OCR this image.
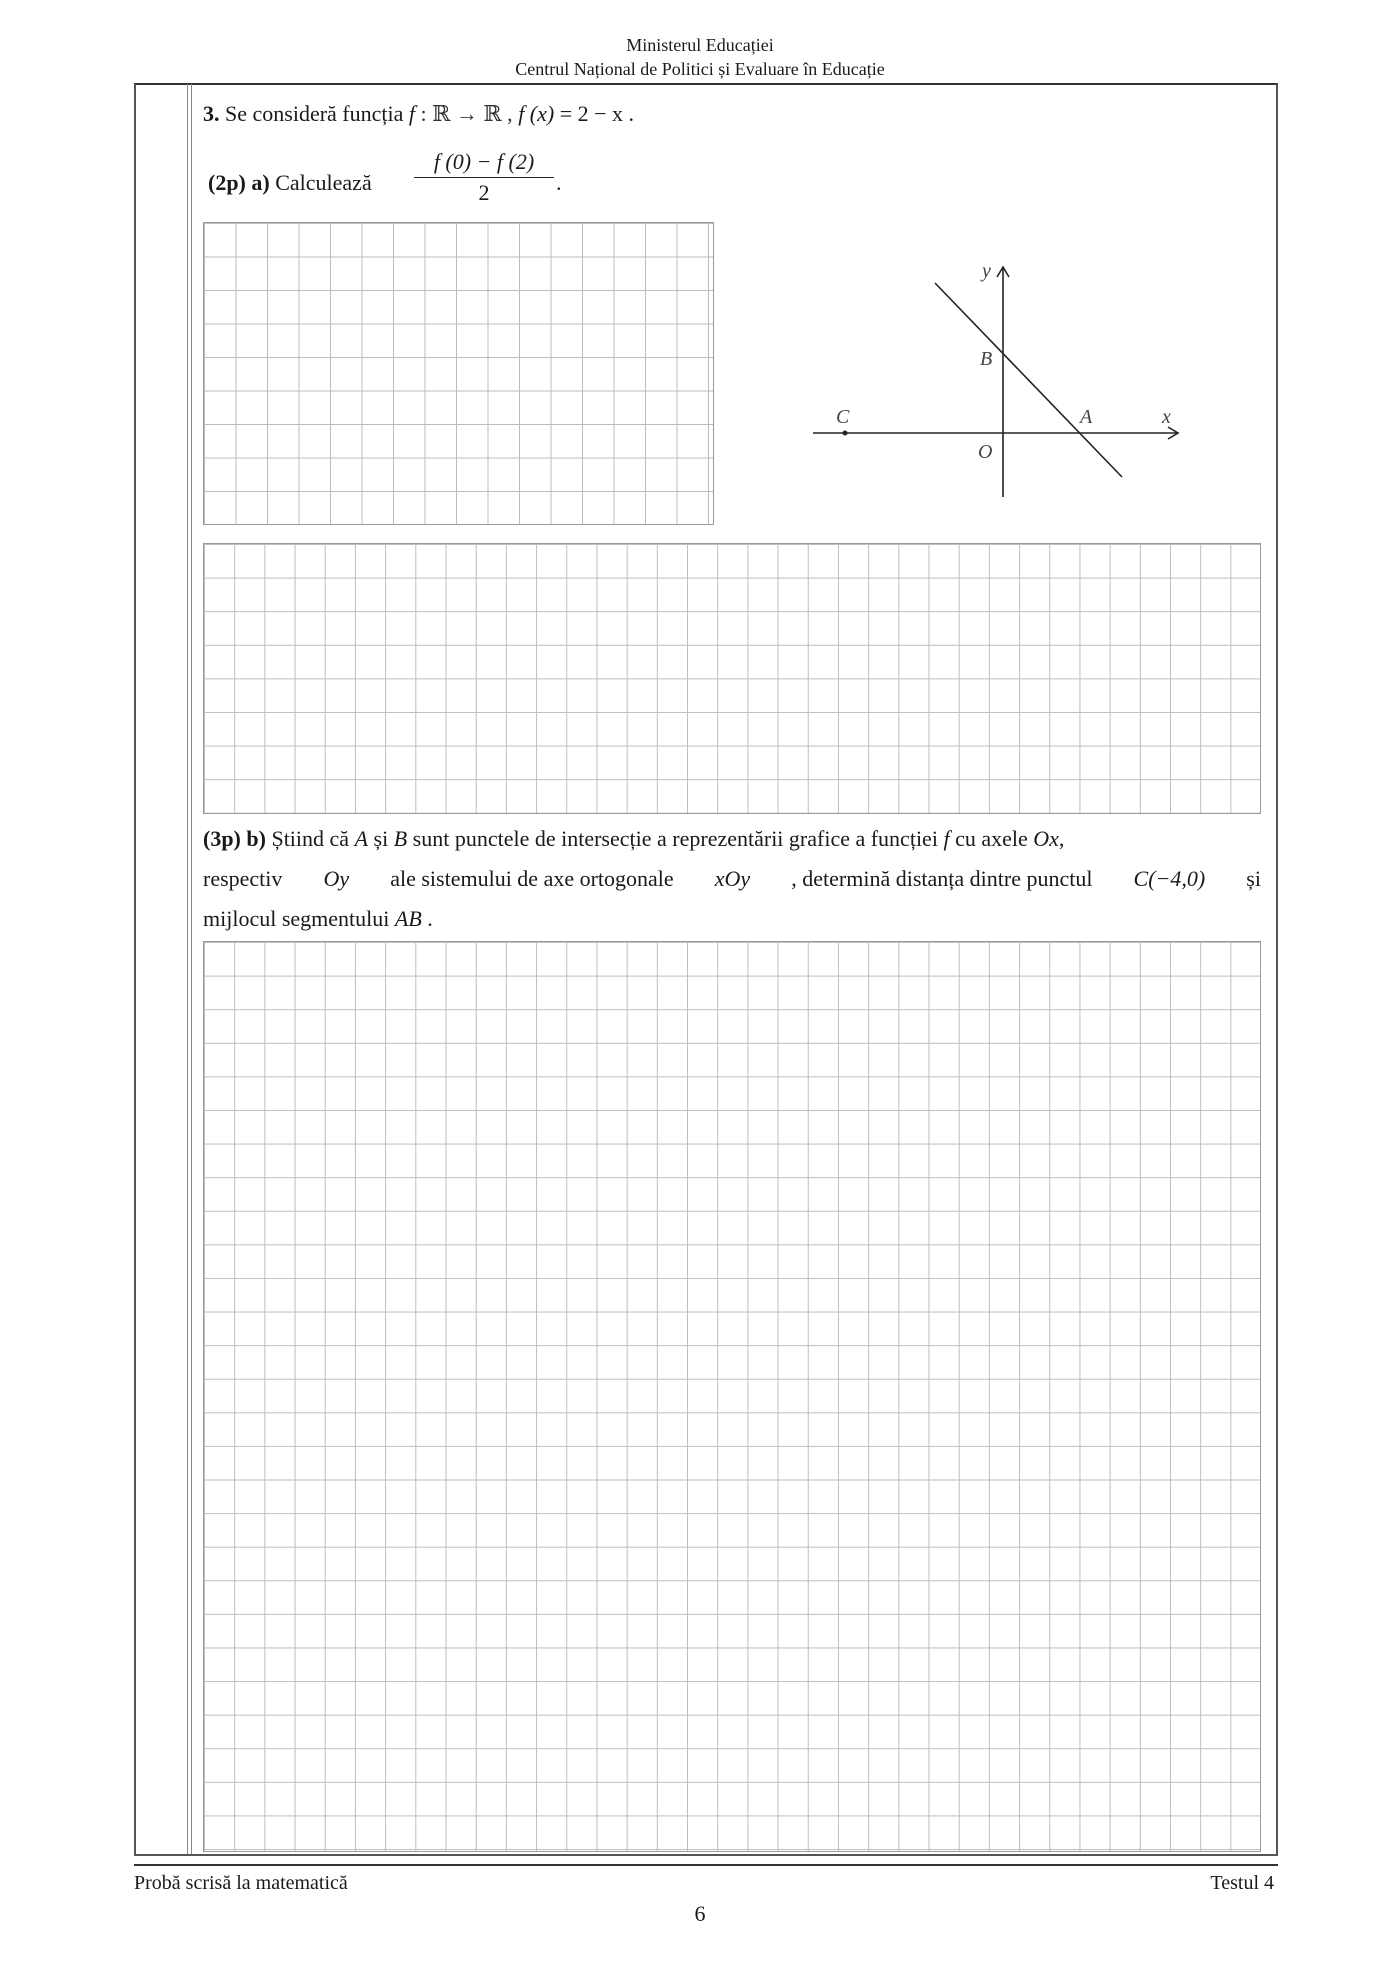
Ministerul Educației
Centrul Național de Politici și Evaluare în Educație
3. Se consideră funcția f : ℝ → ℝ , f (x) = 2 − x .
(2p) a) Calculează
f (0) − f (2)
2	.
y
x
B
A
C
O
(3p) b) Știind că A și B sunt punctele de intersecție a reprezentării grafice a funcției f cu axele Ox,
respectiv Oy ale sistemului de axe ortogonale xOy , determină distanța dintre punctul C(−4,0) și
mijlocul segmentului AB .
Probă scrisă la matematică	Testul 4
6
